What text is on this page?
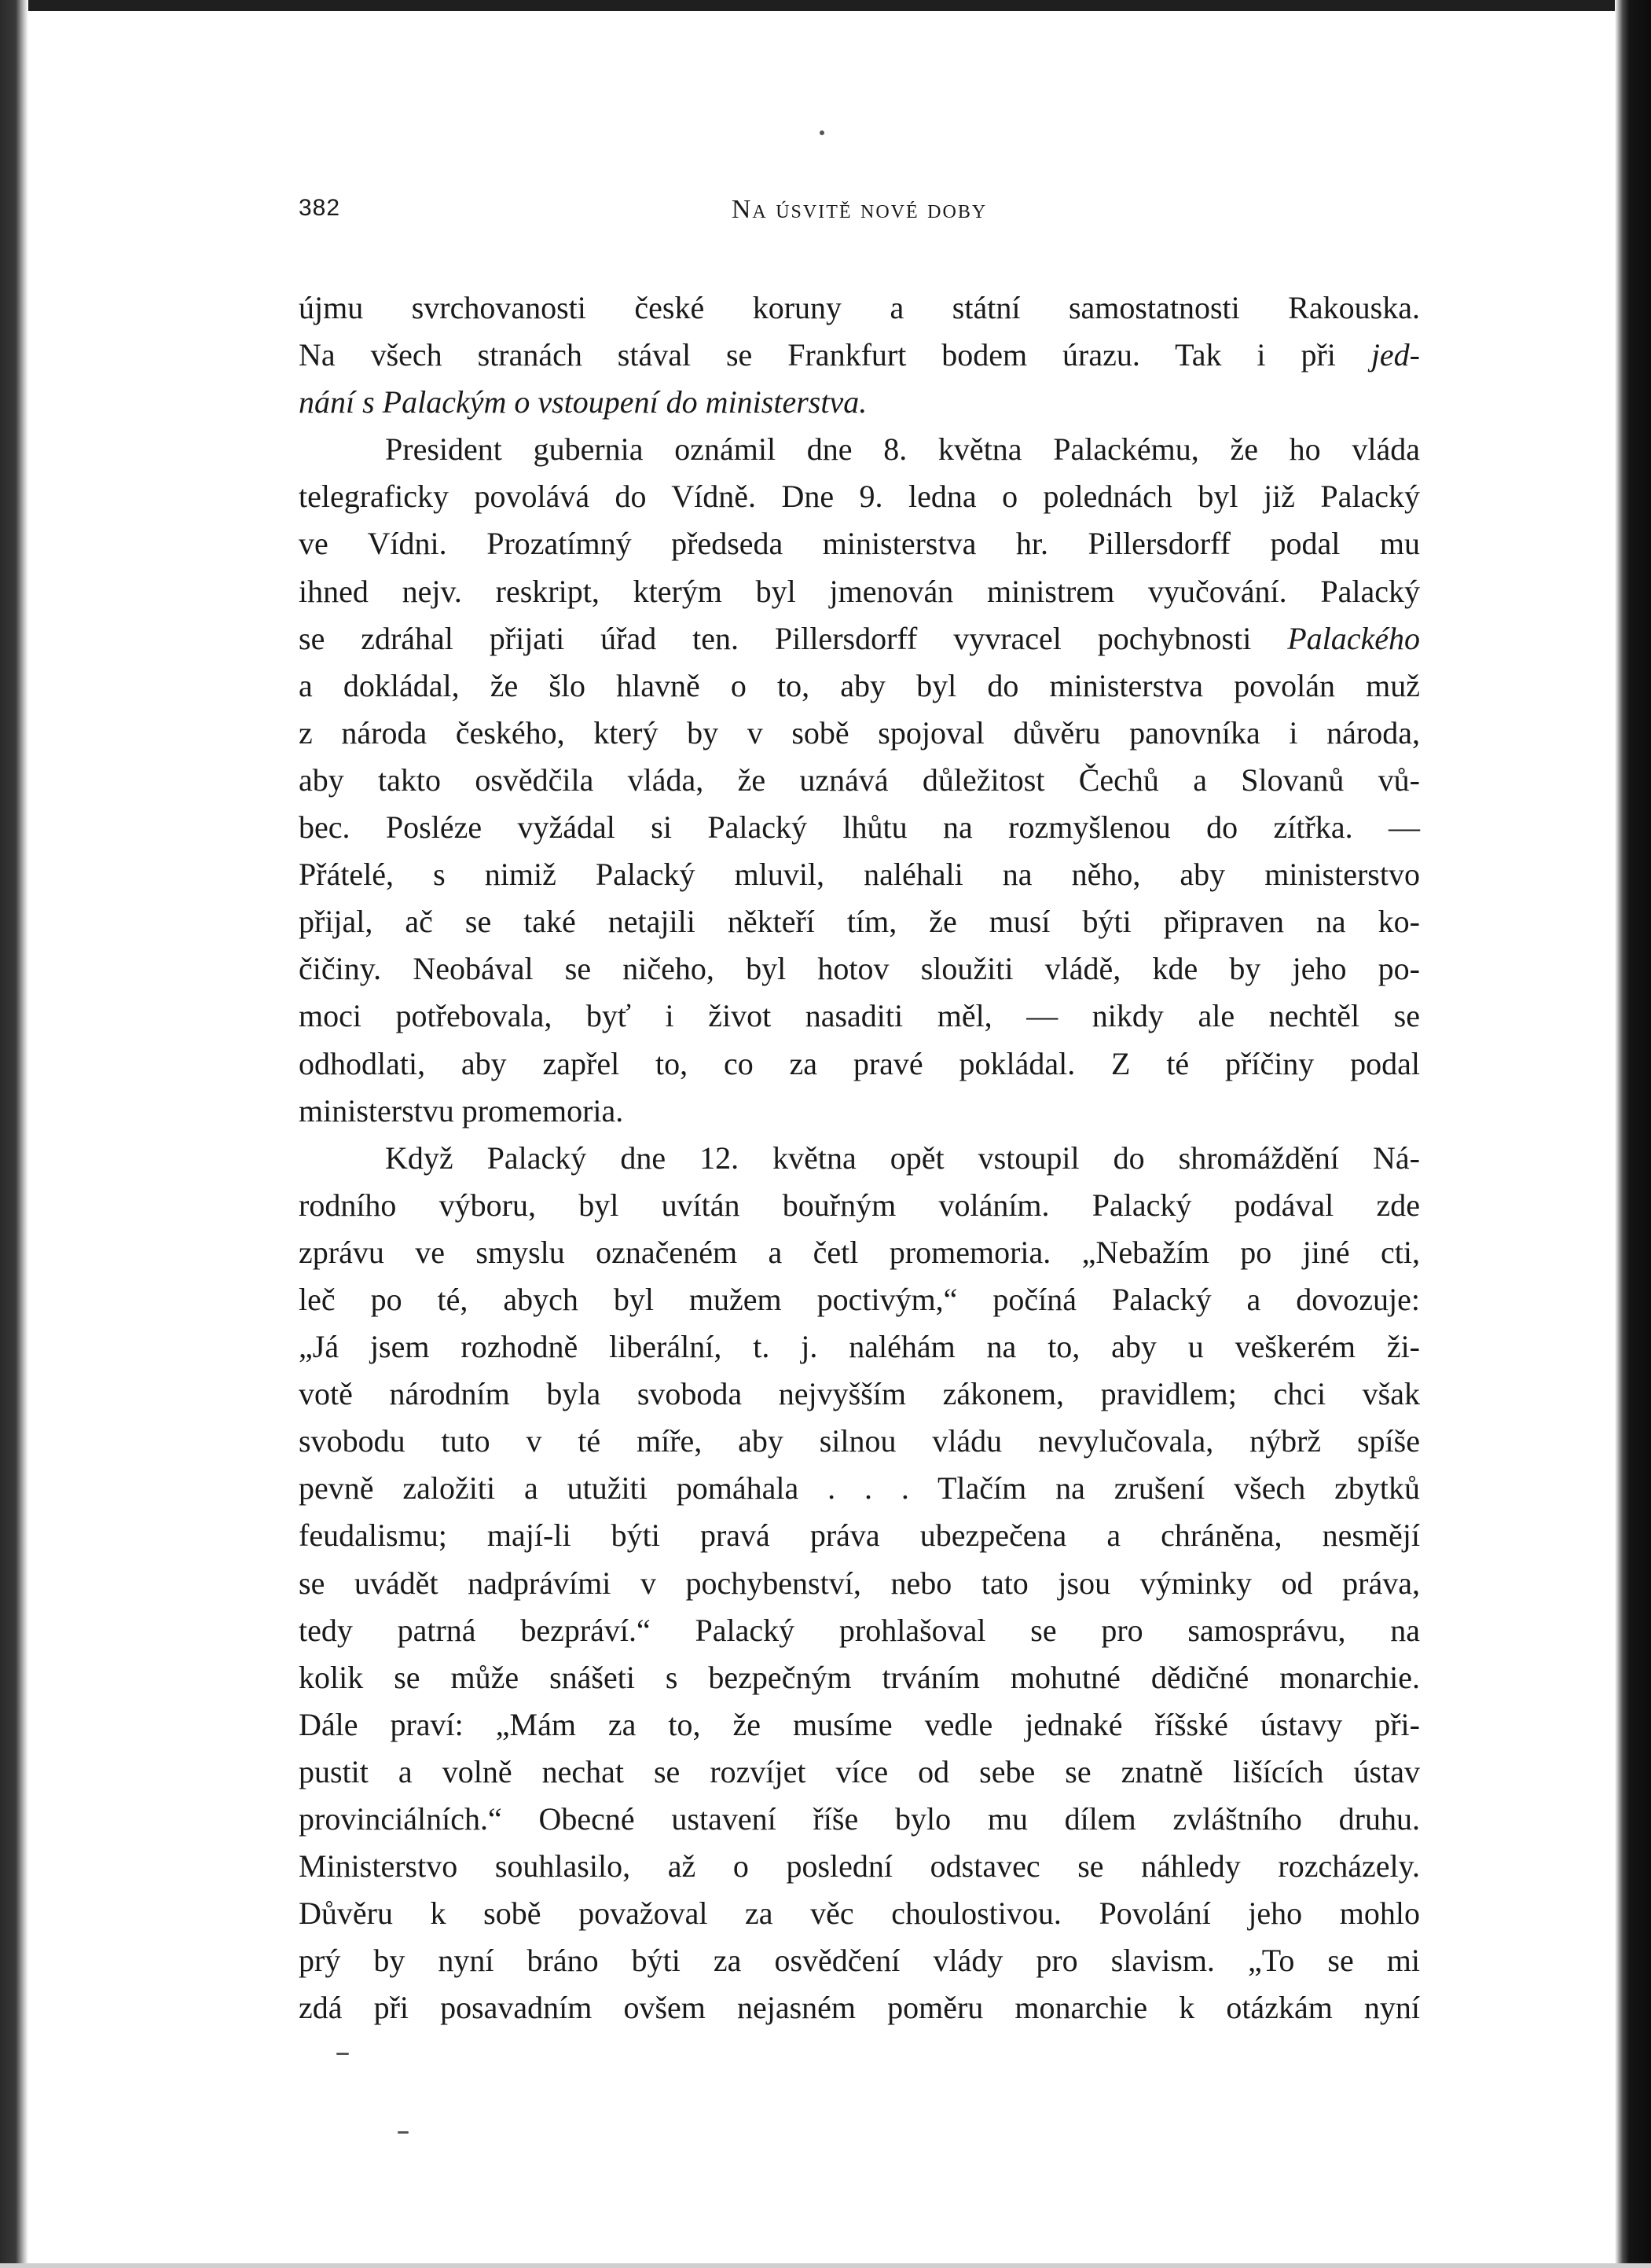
Na úsvitě nové doby
382
újmu svrchovanosti české koruny a státní samostatnosti Rakouska.
Na všech stranách stával se Frankfurt bodem úrazu. Tak i při jed-
nání s Palackým o vstoupení do ministerstva.
President gubernia oznámil dne 8. května Palackému, že ho vláda
telegraficky povolává do Vídně. Dne 9. ledna o polednách byl již Palacký
ve Vídni. Prozatímný předseda ministerstva hr. Pillersdorff podal mu
ihned nejv. reskript, kterým byl jmenován ministrem vyučování. Palacký
se zdráhal přijati úřad ten. Pillersdorff vyvracel pochybnosti Palackého
a dokládal, že šlo hlavně o to, aby byl do ministerstva povolán muž
z národa českého, který by v sobě spojoval důvěru panovníka i národa,
aby takto osvědčila vláda, že uznává důležitost Čechů a Slovanů vů-
bec. Posléze vyžádal si Palacký lhůtu na rozmyšlenou do zítřka. —
Přátelé, s nimiž Palacký mluvil, naléhali na něho, aby ministerstvo
přijal, ač se také netajili někteří tím, že musí býti připraven na ko-
čičiny. Neobával se ničeho, byl hotov sloužiti vládě, kde by jeho po-
moci potřebovala, byť i život nasaditi měl, — nikdy ale nechtěl se
odhodlati, aby zapřel to, co za pravé pokládal. Z té příčiny podal
ministerstvu promemoria.
Když Palacký dne 12. května opět vstoupil do shromáždění Ná-
rodního výboru, byl uvítán bouřným voláním. Palacký podával zde
zprávu ve smyslu označeném a četl promemoria. „Nebažím po jiné cti,
leč po té, abych byl mužem poctivým,“ počíná Palacký a dovozuje:
„Já jsem rozhodně liberální, t. j. naléhám na to, aby u veškerém ži-
votě národním byla svoboda nejvyšším zákonem, pravidlem; chci však
svobodu tuto v té míře, aby silnou vládu nevylučovala, nýbrž spíše
pevně založiti a utužiti pomáhala . . . Tlačím na zrušení všech zbytků
feudalismu; mají-li býti pravá práva ubezpečena a chráněna, nesmějí
se uvádět nadprávími v pochybenství, nebo tato jsou výminky od práva,
tedy patrná bezpráví.“ Palacký prohlašoval se pro samosprávu, na
kolik se může snášeti s bezpečným trváním mohutné dědičné monarchie.
Dále praví: „Mám za to, že musíme vedle jednaké říšské ústavy při-
pustit a volně nechat se rozvíjet více od sebe se znatně lišících ústav
provinciálních.“ Obecné ustavení říše bylo mu dílem zvláštního druhu.
Ministerstvo souhlasilo, až o poslední odstavec se náhledy rozcházely.
Důvěru k sobě považoval za věc choulostivou. Povolání jeho mohlo
prý by nyní bráno býti za osvědčení vlády pro slavism. „To se mi
zdá při posavadním ovšem nejasném poměru monarchie k otázkám nyní
